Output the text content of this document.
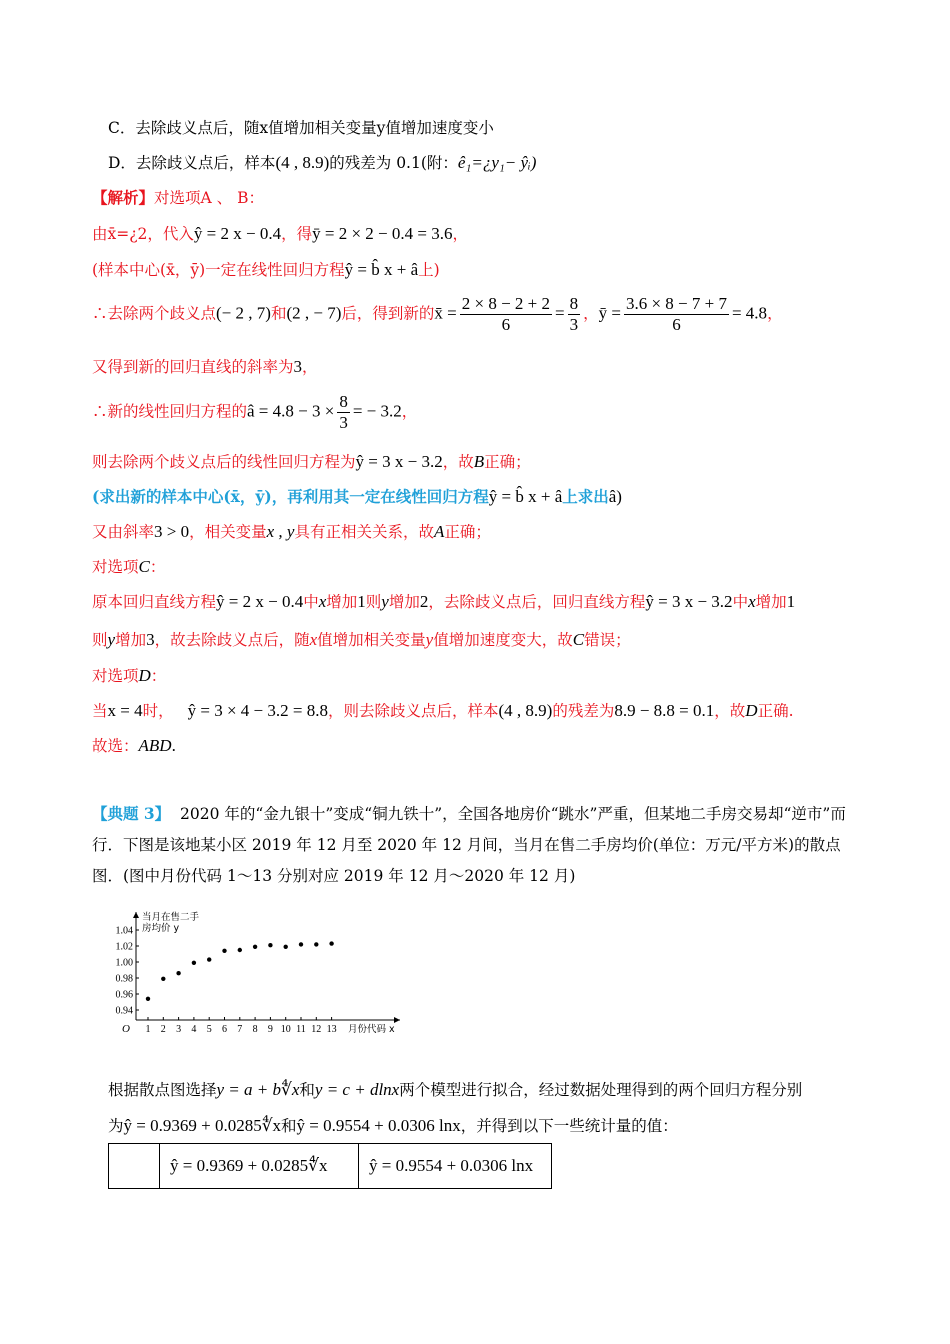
C．去除歧义点后，随x值增加相关变量y值增加速度变小
D．去除歧义点后，样本(4 , 8.9)的残差为 0.1(附：ê₁=¿y₁− ŷᵢ)
【解析】对选项A 、 B：
由x̄=¿2，代入ŷ = 2 x − 0.4，得ȳ = 2 × 2 − 0.4 = 3.6，
(样本中心(x̄，ȳ)一定在线性回归方程ŷ = b̂ x + â上)
∴去除两个歧义点(− 2 , 7)和(2 , − 7)后，得到新的x̄ = $\frac{2 \times 8 - 2 + 2}{6} = \frac{8}{3}$ ，ȳ = $\frac{3.6 \times 8 - 7 + 7}{6} = 4.8$，
又得到新的回归直线的斜率为3，
∴新的线性回归方程的â = $4.8 - 3 \times \frac{8}{3}$ = − 3.2，
则去除两个歧义点后的线性回归方程为ŷ = 3 x − 3.2，故B正确；
(求出新的样本中心(x̄，ȳ)，再利用其一定在线性回归方程ŷ = b̂ x + â上求出â)
又由斜率3 > 0，相关变量x , y具有正相关关系，故A正确；
对选项C：
原本回归直线方程ŷ = 2 x − 0.4中x增加1则y增加2，去除歧义点后，回归直线方程ŷ = 3 x − 3.2中x增加1
则y增加3，故去除歧义点后，随x值增加相关变量y值增加速度变大，故C错误；
对选项D：
当x = 4时， ŷ = 3 × 4 − 3.2 = 8.8，则去除歧义点后，样本(4 , 8.9)的残差为8.9 − 8.8 = 0.1，故D正确.
故选：ABD.
【典题 3】 2020 年的“金九银十”变成“铜九铁十”，全国各地房价“跳水”严重，但某地二手房交易却“逆市”而行．下图是该地某小区 2019 年 12 月至 2020 年 12 月间，当月在售二手房均价(单位：万元/平方米)的散点图．(图中月份代码 1～13 分别对应 2019 年 12 月～2020 年 12 月)
O
0.94
0.96
0.98
1.00
1.02
1.04
1 2 3 4 5 6 7 8 9 10 11 12 13
当月在售二手
房均价 y
月份代码 x
根据散点图选择y = a + b∜x和y = c + dlnx两个模型进行拟合，经过数据处理得到的两个回归方程分别
为ŷ = 0.9369 + 0.0285∜x和ŷ = 0.9554 + 0.0306 lnx，并得到以下一些统计量的值：
	ŷ = 0.9369 + 0.0285∜x	ŷ = 0.9554 + 0.0306 lnx
